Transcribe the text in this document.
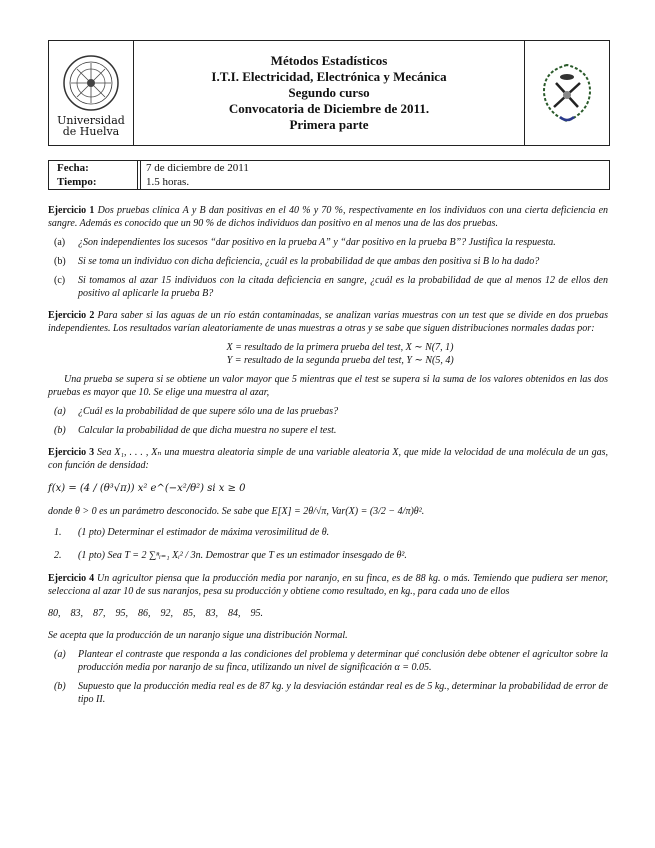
Universidad
de Huelva
Métodos Estadísticos
I.T.I. Electricidad, Electrónica y Mecánica
Segundo curso
Convocatoria de Diciembre de 2011.
Primera parte
Fecha:	7 de diciembre de 2011
Tiempo:	1.5 horas.

Ejercicio 1 Dos pruebas clínica A y B dan positivas en el 40 % y 70 %, respectivamente en los individuos con una cierta deficiencia en sangre. Además es conocido que un 90 % de dichos individuos dan positivo en al menos una de las dos pruebas.

(a)	¿Son independientes los sucesos “dar positivo en la prueba A” y “dar positivo en la prueba B”? Justifica la respuesta.
(b)	Si se toma un individuo con dicha deficiencia, ¿cuál es la probabilidad de que ambas den positiva si B lo ha dado?
(c)	Si tomamos al azar 15 individuos con la citada deficiencia en sangre, ¿cuál es la probabilidad de que al menos 12 de ellos den positivo al aplicarle la prueba B?

Ejercicio 2 Para saber si las aguas de un río están contaminadas, se analizan varias muestras con un test que se divide en dos pruebas independientes. Los resultados varían aleatoriamente de unas muestras a otras y se sabe que siguen distribuciones normales dadas por:

X
= resultado de la primera prueba del test, X ∼ N(7, 1)
Y
= resultado de la segunda prueba del test, Y ∼ N(5, 4)

Una prueba se supera si se obtiene un valor mayor que 5 mientras que el test se supera si la suma de los valores obtenidos en las dos pruebas es mayor que 10. Se elige una muestra al azar,

(a)	¿Cuál es la probabilidad de que supere sólo una de las pruebas?
(b)	Calcular la probabilidad de que dicha muestra no supere el test.

Ejercicio 3 Sea X₁, . . . , Xₙ una muestra aleatoria simple de una variable aleatoria X, que mide la velocidad de una molécula de un gas, con función de densidad:

f(x) = (4 / (θ³√π)) x² e^(−x²/θ²) si x ≥ 0

donde θ > 0 es un parámetro desconocido. Se sabe que E[X] = 2θ/√π, Var(X) = (3/2 − 4/π)θ².

1.	(1 pto) Determinar el estimador de máxima verosimilitud de θ.
2.	(1 pto) Sea T = 2 ∑ⁿᵢ₌₁ Xᵢ² / 3n. Demostrar que T es un estimador insesgado de θ².

Ejercicio 4 Un agricultor piensa que la producción media por naranjo, en su finca, es de 88 kg. o más. Temiendo que pudiera ser menor, selecciona al azar 10 de sus naranjos, pesa su producción y obtiene como resultado, en kg., para cada uno de ellos

80,    83,    87,    95,    86,    92,    85,    83,    84,    95.

Se acepta que la producción de un naranjo sigue una distribución Normal.

(a)	Plantear el contraste que responda a las condiciones del problema y determinar qué conclusión debe obtener el agricultor sobre la producción media por naranjo de su finca, utilizando un nivel de significación α = 0.05.
(b)	Supuesto que la producción media real es de 87 kg. y la desviación estándar real es de 5 kg., determinar la probabilidad de error de tipo II.
